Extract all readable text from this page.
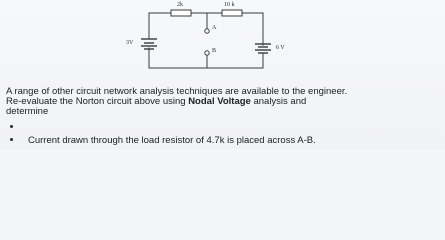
2k	10 k
3V
6 V
A
B
A range of other circuit network analysis techniques are available to the engineer.
Re-evaluate the Norton circuit above using Nodal Voltage analysis and
determine
Current drawn through the load resistor of 4.7k is placed across A-B.
